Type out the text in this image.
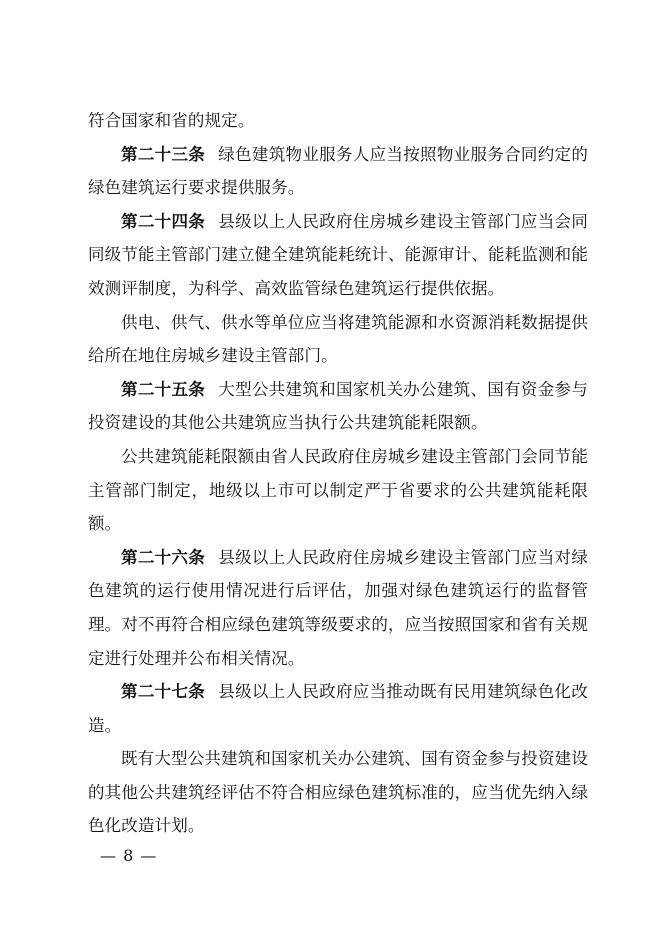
符合国家和省的规定。

第二十三条 绿色建筑物业服务人应当按照物业服务合同约定的绿色建筑运行要求提供服务。

第二十四条 县级以上人民政府住房城乡建设主管部门应当会同同级节能主管部门建立健全建筑能耗统计、能源审计、能耗监测和能效测评制度，为科学、高效监管绿色建筑运行提供依据。

供电、供气、供水等单位应当将建筑能源和水资源消耗数据提供给所在地住房城乡建设主管部门。

第二十五条 大型公共建筑和国家机关办公建筑、国有资金参与投资建设的其他公共建筑应当执行公共建筑能耗限额。

公共建筑能耗限额由省人民政府住房城乡建设主管部门会同节能主管部门制定，地级以上市可以制定严于省要求的公共建筑能耗限额。

第二十六条 县级以上人民政府住房城乡建设主管部门应当对绿色建筑的运行使用情况进行后评估，加强对绿色建筑运行的监督管理。对不再符合相应绿色建筑等级要求的，应当按照国家和省有关规定进行处理并公布相关情况。

第二十七条 县级以上人民政府应当推动既有民用建筑绿色化改造。

既有大型公共建筑和国家机关办公建筑、国有资金参与投资建设的其他公共建筑经评估不符合相应绿色建筑标准的，应当优先纳入绿色化改造计划。

— 8 —
